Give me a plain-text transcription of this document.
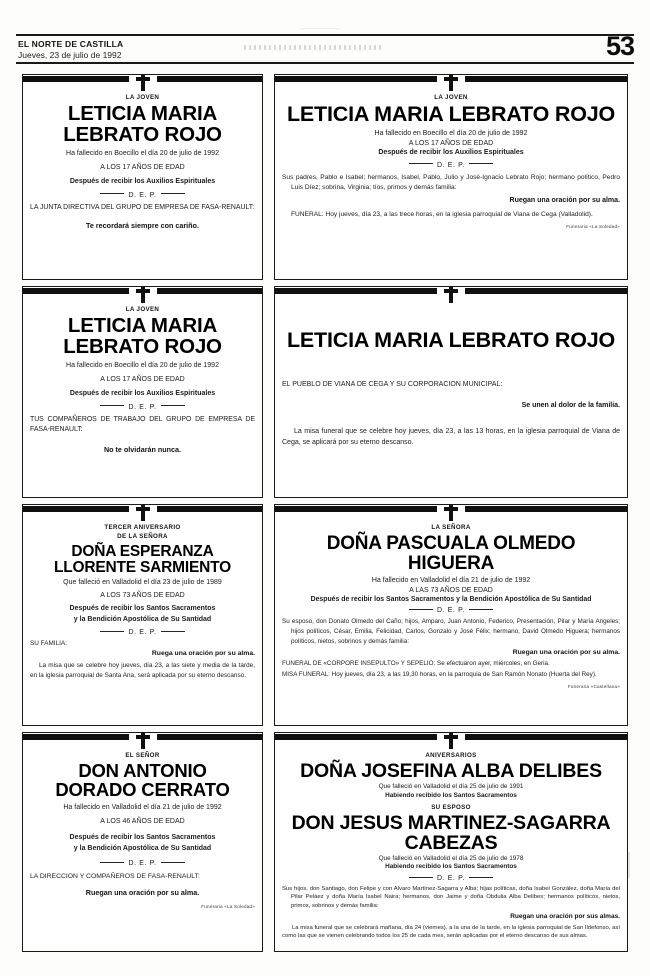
EL NORTE DE CASTILLA
Jueves, 23 de julio de 1992	53

LA JOVEN

LETICIA MARIA
LEBRATO ROJO

Ha fallecido en Boecillo el día 20 de julio de 1992

A LOS 17 AÑOS DE EDAD

Después de recibir los Auxilios Espirituales

D. E. P.

LA JUNTA DIRECTIVA DEL GRUPO DE EMPRESA DE FASA-RENAULT:

Te recordará siempre con cariño.

LA JOVEN

LETICIA MARIA LEBRATO ROJO

Ha fallecido en Boecillo el día 20 de julio de 1992

A LOS 17 AÑOS DE EDAD

Después de recibir los Auxilios Espirituales

D. E. P.

Sus padres, Pablo e Isabel; hermanos, Isabel, Pablo, Julio y José-Ignacio Lebrato Rojo; hermano político, Pedro Luis Díez; sobrina, Virginia; tíos, primos y demás familia:

Ruegan una oración por su alma.

FUNERAL: Hoy jueves, día 23, a las trece horas, en la iglesia parroquial de Viana de Cega (Valladolid).

Funeraria «La Soledad»

LA JOVEN

LETICIA MARIA
LEBRATO ROJO

Ha fallecido en Boecillo el día 20 de julio de 1992

A LOS 17 AÑOS DE EDAD

Después de recibir los Auxilios Espirituales

D. E. P.

TUS COMPAÑEROS DE TRABAJO DEL GRUPO DE EMPRESA DE FASA-RENAULT:

No te olvidarán nunca.

LETICIA MARIA LEBRATO ROJO

EL PUEBLO DE VIANA DE CEGA Y SU CORPORACION MUNICIPAL:

Se unen al dolor de la familia.

La misa funeral que se celebre hoy jueves, día 23, a las 13 horas, en la iglesia parroquial de Viana de Cega, se aplicará por su eterno descanso.

TERCER ANIVERSARIO

DE LA SEÑORA

DOÑA ESPERANZA
LLORENTE SARMIENTO

Que falleció en Valladolid el día 23 de julio de 1989

A LOS 73 AÑOS DE EDAD

Después de recibir los Santos Sacramentos

y la Bendición Apostólica de Su Santidad

D. E. P.

SU FAMILIA:

Ruega una oración por su alma.

La misa que se celebre hoy jueves, día 23, a las siete y media de la tarde, en la iglesia parroquial de Santa Ana, será aplicada por su eterno descanso.

LA SEÑORA

DOÑA PASCUALA OLMEDO HIGUERA

Ha fallecido en Valladolid el día 21 de julio de 1992

A LAS 73 AÑOS DE EDAD

Después de recibir los Santos Sacramentos y la Bendición Apostólica de Su Santidad

D. E. P.

Su esposo, don Donato Olmedo del Caño; hijos, Amparo, Juan Antonio, Federico, Presentación, Pilar y María Angeles; hijos políticos, César, Emilia, Felicidad, Carlos, Gonzalo y José Félix; hermano, David Olmedo Higuera; hermanos políticos, nietos, sobrinos y demás familia:

Ruegan una oración por su alma.

FUNERAL DE «CORPORE INSEPULTO» Y SEPELIO: Se efectuaron ayer, miércoles, en Geria.

MISA FUNERAL: Hoy jueves, día 23, a las 19,30 horas, en la parroquia de San Ramón Nonato (Huerta del Rey).

Funeraria «Castellana»

EL SEÑOR

DON ANTONIO
DORADO CERRATO

Ha fallecido en Valladolid el día 21 de julio de 1992

A LOS 46 AÑOS DE EDAD

Después de recibir los Santos Sacramentos

y la Bendición Apostólica de Su Santidad

D. E. P.

LA DIRECCION Y COMPAÑEROS DE FASA-RENAULT:

Ruegan una oración por su alma.

Funeraria «La Soledad»

ANIVERSARIOS

DOÑA JOSEFINA ALBA DELIBES

Que falleció en Valladolid el día 25 de julio de 1991

Habiendo recibido los Santos Sacramentos

SU ESPOSO

DON JESUS MARTINEZ-SAGARRA CABEZAS

Que falleció en Valladolid el día 25 de julio de 1978

Habiendo recibido los Santos Sacramentos

D. E. P.

Sus hijos, don Santiago, don Felipe y con Alvaro Martínez-Sagarra y Alba; hijas políticas, doña Isabel González, doña María del Pilar Peláez y doña María Isabel Naira; hermanos, don Jaime y doña Obdulia Alba Delibes; hermanos políticos, nietos, primos, sobrinos y demás familia:

Ruegan una oración por sus almas.

La misa funeral que se celebrará mañana, día 24 (viernes), a la una de la tarde, en la iglesia parroquial de San Ildefonso, así como las que se vienen celebrando todos los 25 de cada mes, serán aplicadas por el eterno descanso de sus almas.
